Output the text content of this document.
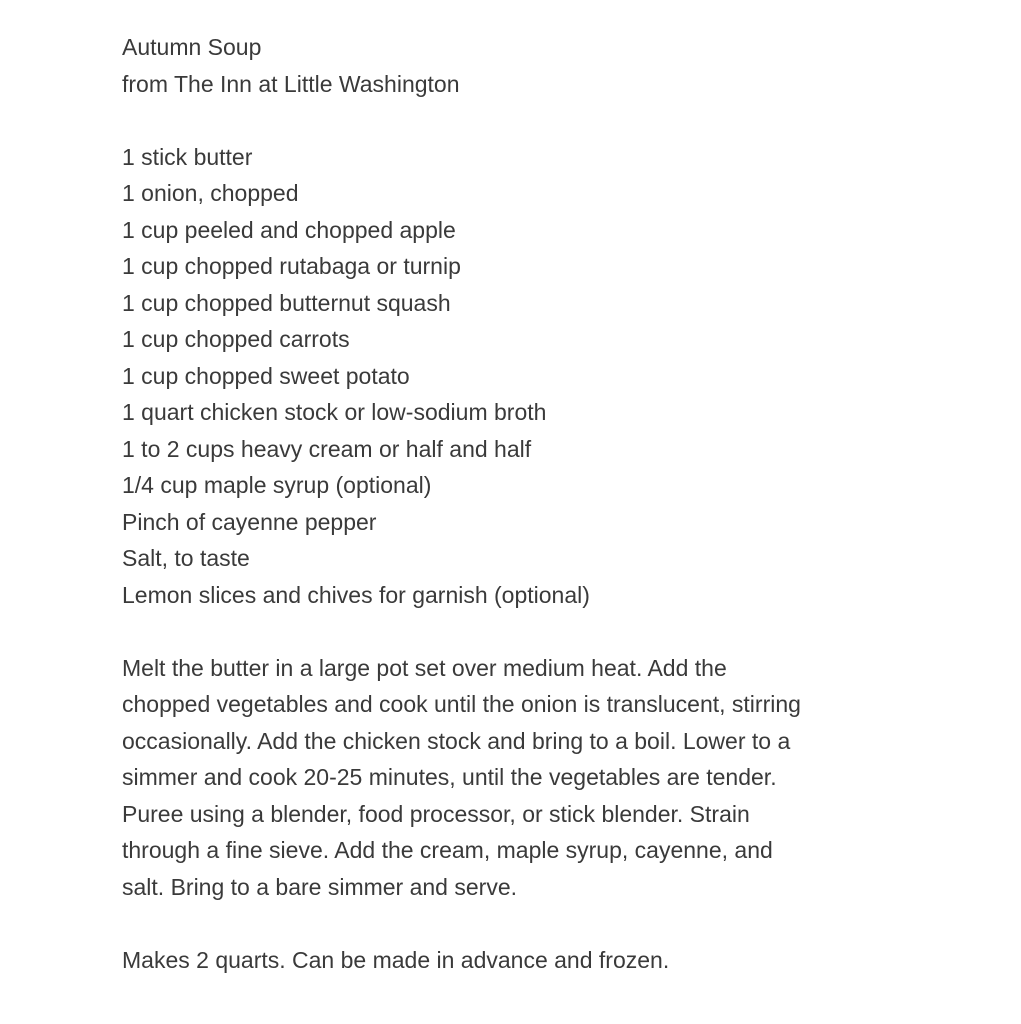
Autumn Soup
from The Inn at Little Washington
1 stick butter
1 onion, chopped
1 cup peeled and chopped apple
1 cup chopped rutabaga or turnip
1 cup chopped butternut squash
1 cup chopped carrots
1 cup chopped sweet potato
1 quart chicken stock or low-sodium broth
1 to 2 cups heavy cream or half and half
1/4 cup maple syrup (optional)
Pinch of cayenne pepper
Salt, to taste
Lemon slices and chives for garnish (optional)
Melt the butter in a large pot set over medium heat. Add the
chopped vegetables and cook until the onion is translucent, stirring
occasionally. Add the chicken stock and bring to a boil. Lower to a
simmer and cook 20-25 minutes, until the vegetables are tender.
Puree using a blender, food processor, or stick blender. Strain
through a fine sieve. Add the cream, maple syrup, cayenne, and
salt. Bring to a bare simmer and serve.
Makes 2 quarts. Can be made in advance and frozen.
